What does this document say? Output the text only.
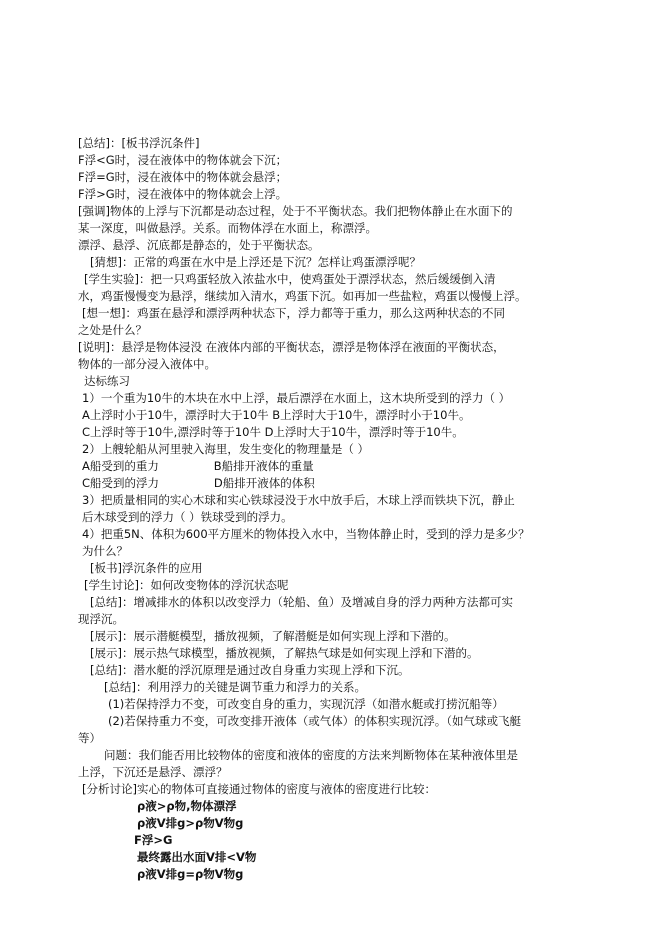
[总结]：[板书浮沉条件]
F浮<G时，浸在液体中的物体就会下沉；
F浮=G时，浸在液体中的物体就会悬浮；
F浮>G时，浸在液体中的物体就会上浮。
[强调]物体的上浮与下沉都是动态过程，处于不平衡状态。我们把物体静止在水面下的
某一深度，叫做悬浮。关系。而物体浮在水面上，称漂浮。
漂浮、悬浮、沉底都是静态的，处于平衡状态。
[猜想]：正常的鸡蛋在水中是上浮还是下沉？怎样让鸡蛋漂浮呢？
[学生实验]：把一只鸡蛋轻放入浓盐水中，使鸡蛋处于漂浮状态，然后缓缓倒入清
水，鸡蛋慢慢变为悬浮，继续加入清水，鸡蛋下沉。如再加一些盐粒，鸡蛋以慢慢上浮。
[想一想]：鸡蛋在悬浮和漂浮两种状态下，浮力都等于重力，那么这两种状态的不同
之处是什么？
[说明]：悬浮是物体浸没 在液体内部的平衡状态，漂浮是物体浮在液面的平衡状态，
物体的一部分浸入液体中。
达标练习
1）一个重为10牛的木块在水中上浮，最后漂浮在水面上，这木块所受到的浮力（ ）
A上浮时小于10牛，漂浮时大于10牛 B上浮时大于10牛，漂浮时小于10牛。
C上浮时等于10牛,漂浮时等于10牛 D上浮时大于10牛，漂浮时等于10牛。
2）上艘轮船从河里驶入海里，发生变化的物理量是（ ）
A船受到的重力               B船排开液体的重量
C船受到的浮力               D船排开液体的体积
3）把质量相同的实心木球和实心铁球浸没于水中放手后，木球上浮而铁块下沉，静止
后木球受到的浮力（ ）铁球受到的浮力。
4）把重5N、体积为600平方厘米的物体投入水中，当物体静止时，受到的浮力是多少？
为什么？
[板书]浮沉条件的应用
[学生讨论]：如何改变物体的浮沉状态呢
[总结]：增减排水的体积以改变浮力（轮船、鱼）及增减自身的浮力两种方法都可实
现浮沉。
[展示]：展示潜艇模型，播放视频，了解潜艇是如何实现上浮和下潜的。
[展示]：展示热气球模型，播放视频，了解热气球是如何实现上浮和下潜的。
[总结]：潜水艇的浮沉原理是通过改自身重力实现上浮和下沉。
[总结]：利用浮力的关键是调节重力和浮力的关系。
(1)若保持浮力不变，可改变自身的重力，实现沉浮（如潜水艇或打捞沉船等）
(2)若保持重力不变，可改变排开液体（或气体）的体积实现沉浮。（如气球或飞艇
等）
问题：我们能否用比较物体的密度和液体的密度的方法来判断物体在某种液体里是
上浮，下沉还是悬浮、漂浮？
[分析讨论]实心的物体可直接通过物体的密度与液体的密度进行比较：
ρ液>ρ物,物体漂浮
ρ液V排g>ρ物V物g
F浮>G
最终露出水面V排<V物
ρ液V排g=ρ物V物g
